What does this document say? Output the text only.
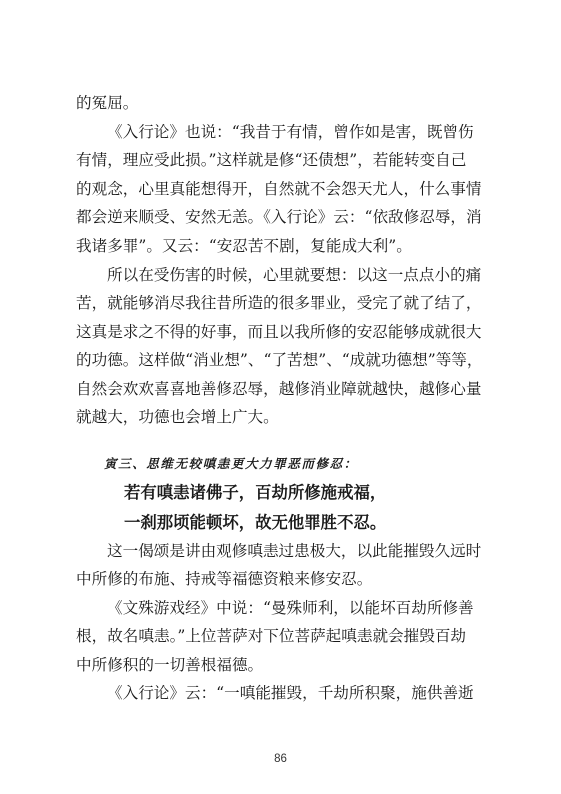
的冤屈。
《入行论》也说：“我昔于有情，曾作如是害，既曾伤
有情，理应受此损。”这样就是修“还债想”，若能转变自己
的观念，心里真能想得开，自然就不会怨天尤人，什么事情
都会逆来顺受、安然无恙。《入行论》云：“依敌修忍辱，消
我诸多罪”。又云：“安忍苦不剧，复能成大利”。
所以在受伤害的时候，心里就要想：以这一点点小的痛
苦，就能够消尽我往昔所造的很多罪业，受完了就了结了，
这真是求之不得的好事，而且以我所修的安忍能够成就很大
的功德。这样做“消业想”、“了苦想”、“成就功德想”等等，
自然会欢欢喜喜地善修忍辱，越修消业障就越快，越修心量
就越大，功德也会增上广大。
寅三、思维无较嗔恚更大力罪恶而修忍：
若有嗔恚诸佛子，百劫所修施戒福，
一刹那顷能顿坏，故无他罪胜不忍。
这一偈颂是讲由观修嗔恚过患极大，以此能摧毁久远时
中所修的布施、持戒等福德资粮来修安忍。
《文殊游戏经》中说：“曼殊师利，以能坏百劫所修善
根，故名嗔恚。”上位菩萨对下位菩萨起嗔恚就会摧毁百劫
中所修积的一切善根福德。
《入行论》云：“一嗔能摧毁，千劫所积聚，施供善逝
86
